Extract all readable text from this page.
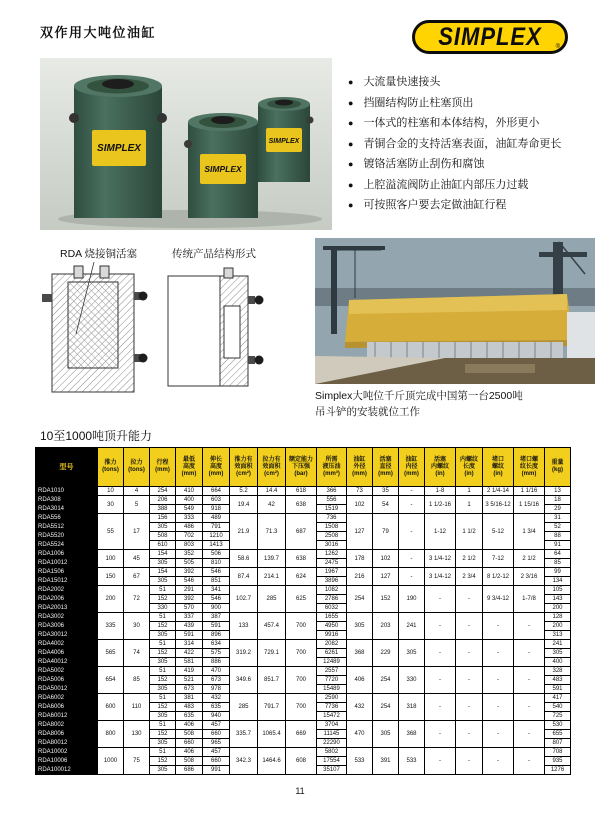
双作用大吨位油缸	SIMPLEX ®
SIMPLEX
SIMPLEX
SIMPLEX
● 大流量快速接头
● 挡圈结构防止柱塞顶出
● 一体式的柱塞和本体结构，外形更小
● 青铜合金的支持活塞表面，油缸寿命更长
● 镀铬活塞防止刮伤和腐蚀
● 上腔溢流阀防止油缸内部压力过载
● 可按照客户要去定做油缸行程
RDA 烧接铜活塞	传统产品结构形式
Simplex大吨位千斤顶完成中国第一台2500吨
吊斗铲的安装就位工作
10至1000吨顶升能力
型号

推力
(tons)

拉力
(tons)

行程
(mm)

最低
高度
(mm)

伸长
高度
(mm)

推力有
效面积
(cm²)

拉力有
效面积
(cm²)

额定能力
下压强
(bar)

所需
液压油
(mm³)

油缸
外径
(mm)

活塞
直径
(mm)

油缸
内径
(mm)

活塞
内螺纹
(in)

内螺纹
长度
(in)

堵口
螺纹
(in)

堵口螺
纹长度
(mm)

重量
(kg)

RDA1010	10	4	254	410	664	5.2	14.4	618	366	73	35	-	1-8	1	2 1/4-14	1 1/16	13
RDA308	30	5	206	400	603	19.4	42	638	556	102	54	-	1 1/2-16	1	3 5/16-12	1 15/16	18
RDA3014			388	549	918				1519								29
RDA556	55	17	156	333	489	21.9	71.3	687	736	127	79	-	1-12	1 1/2	5-12	1 3/4	31
RDA5512			305	486	791				1508								52
RDA5520			508	702	1210				2508								88
RDA5524			610	803	1413				3016								91
RDA1006	100	45	154	352	506	58.6	139.7	638	1262	178	102	-	3 1/4-12	2 1/2	7-12	2 1/2	64
RDA10012			305	505	810				2475								85
RDA1506	150	67	154	392	546	87.4	214.1	624	1967	216	127	-	3 1/4-12	2 3/4	8 1/2-12	2 3/16	99
RDA15012			305	546	851				3896								134
RDA2002	200	72	51	291	341	102.7	285	625	1082	254	152	190	-	-	9 3/4-12	1-7/8	105
RDA2006			152	392	546				2786								143
RDA20013			330	570	900				6032								200
RDA3002	335	30	51	337	387	133	457.4	700	1655	305	203	241	-	-	-	-	128
RDA3006			152	439	591				4950								200
RDA30012			305	591	896				9916								313
RDA4002	565	74	51	314	634	319.2	729.1	700	2082	368	229	305	-	-	-	-	241
RDA4006			152	422	575				6261								305
RDA40012			305	581	886				12489								400
RDA5002	654	85	51	419	470	349.6	851.7	700	2557	406	254	330	-	-	-	-	328
RDA5006			152	521	673				7720								483
RDA50012			305	673	978				15489								591
RDA6002	600	110	51	381	432	285	791.7	700	2590	432	254	318	-	-	-	-	417
RDA6006			152	483	635				7736								540
RDA60012			305	635	940				15472								725
RDA8002	800	130	51	406	457	335.7	1065.4	669	3704	470	305	368	-	-	-	-	530
RDA8006			152	508	660				11145								655
RDA80012			305	660	965				22290								807
RDA10002	1000	75	51	406	457	342.3	1464.6	608	5802	533	391	533	-	-	-	-	708
RDA10006			152	508	660				17554								935
RDA100012			305	686	991				35107								1276
11
